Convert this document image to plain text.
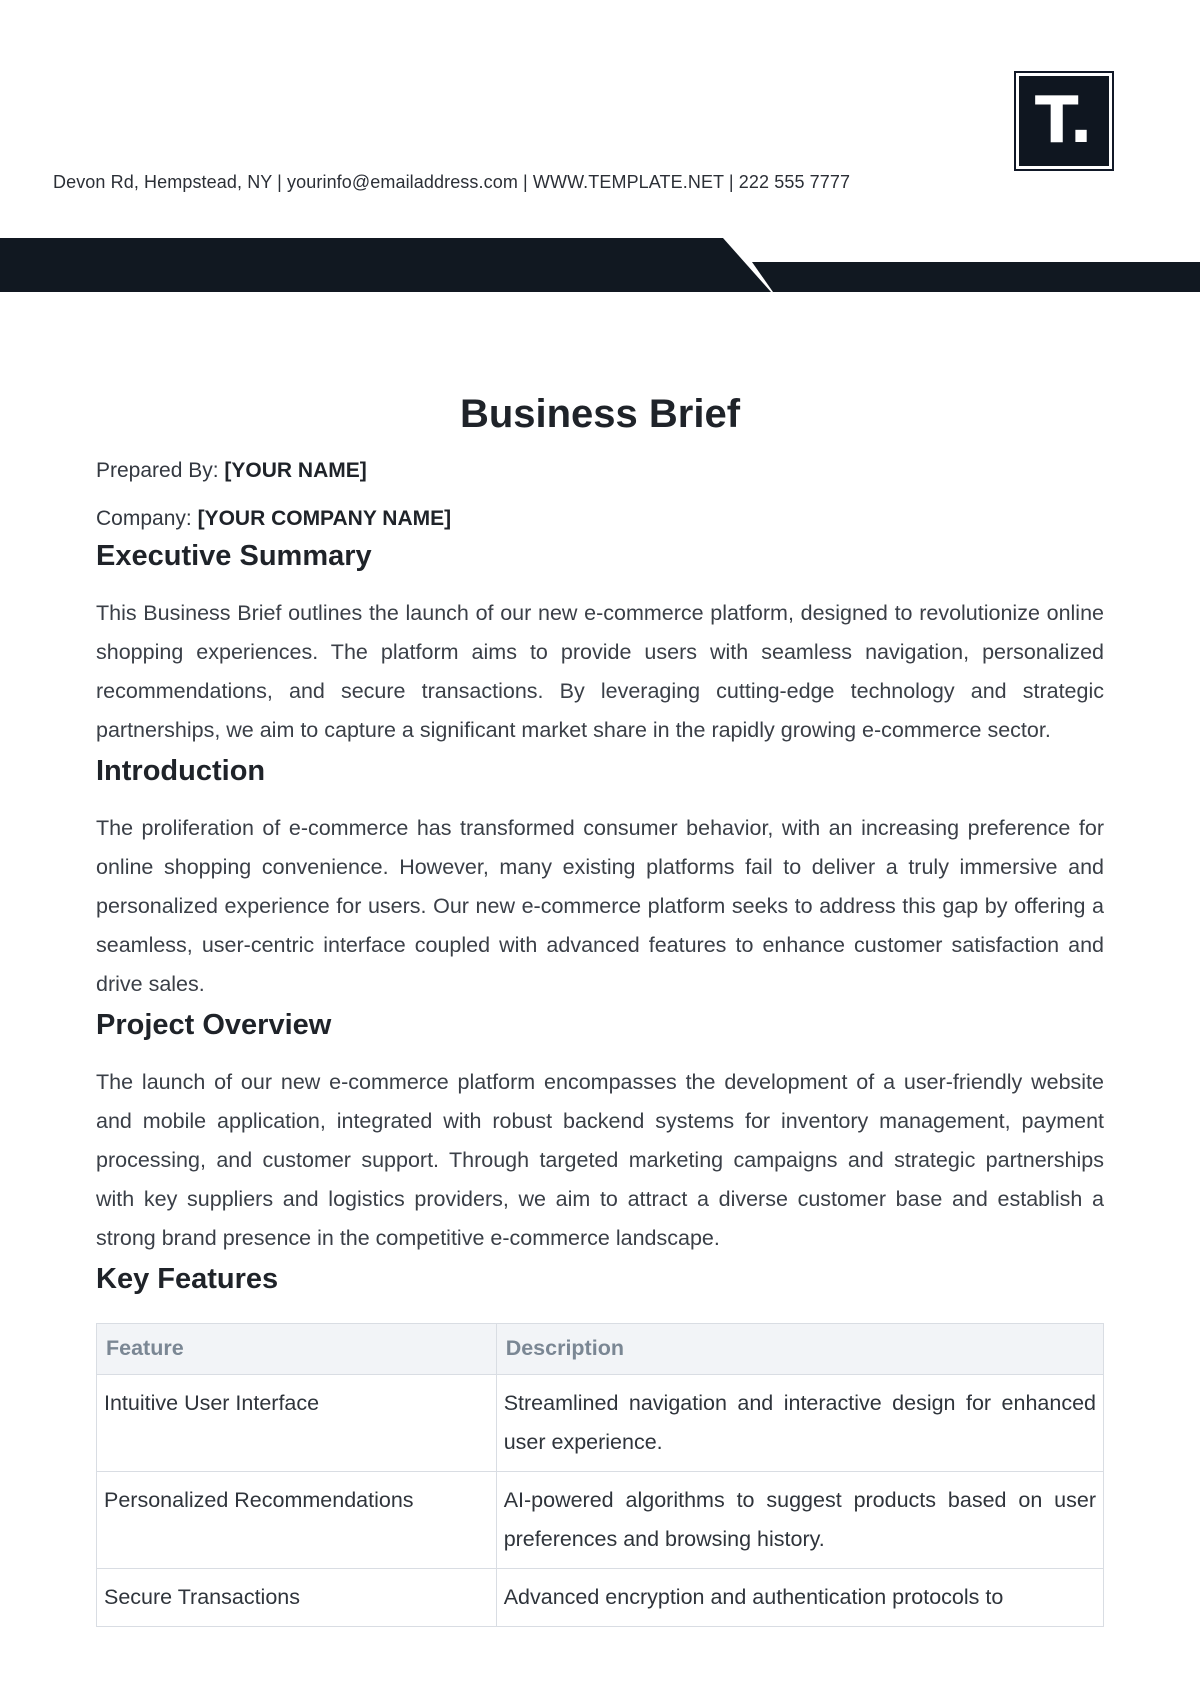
Devon Rd, Hempstead, NY | yourinfo@emailaddress.com | WWW.TEMPLATE.NET | 222 555 7777
T.
Business Brief
Prepared By: [YOUR NAME]
Company: [YOUR COMPANY NAME]
Executive Summary

This Business Brief outlines the launch of our new e-commerce platform, designed to revolutionize online shopping experiences. The platform aims to provide users with seamless navigation, personalized recommendations, and secure transactions. By leveraging cutting-edge technology and strategic partnerships, we aim to capture a significant market share in the rapidly growing e-commerce sector.

Introduction

The proliferation of e-commerce has transformed consumer behavior, with an increasing preference for online shopping convenience. However, many existing platforms fail to deliver a truly immersive and personalized experience for users. Our new e-commerce platform seeks to address this gap by offering a seamless, user-centric interface coupled with advanced features to enhance customer satisfaction and drive sales.

Project Overview

The launch of our new e-commerce platform encompasses the development of a user-friendly website and mobile application, integrated with robust backend systems for inventory management, payment processing, and customer support. Through targeted marketing campaigns and strategic partnerships with key suppliers and logistics providers, we aim to attract a diverse customer base and establish a strong brand presence in the competitive e-commerce landscape.

Key Features
Feature	Description
Intuitive User Interface	Streamlined navigation and interactive design for enhanced user experience.
Personalized Recommendations	AI-powered algorithms to suggest products based on user preferences and browsing history.
Secure Transactions	Advanced encryption and authentication protocols to
